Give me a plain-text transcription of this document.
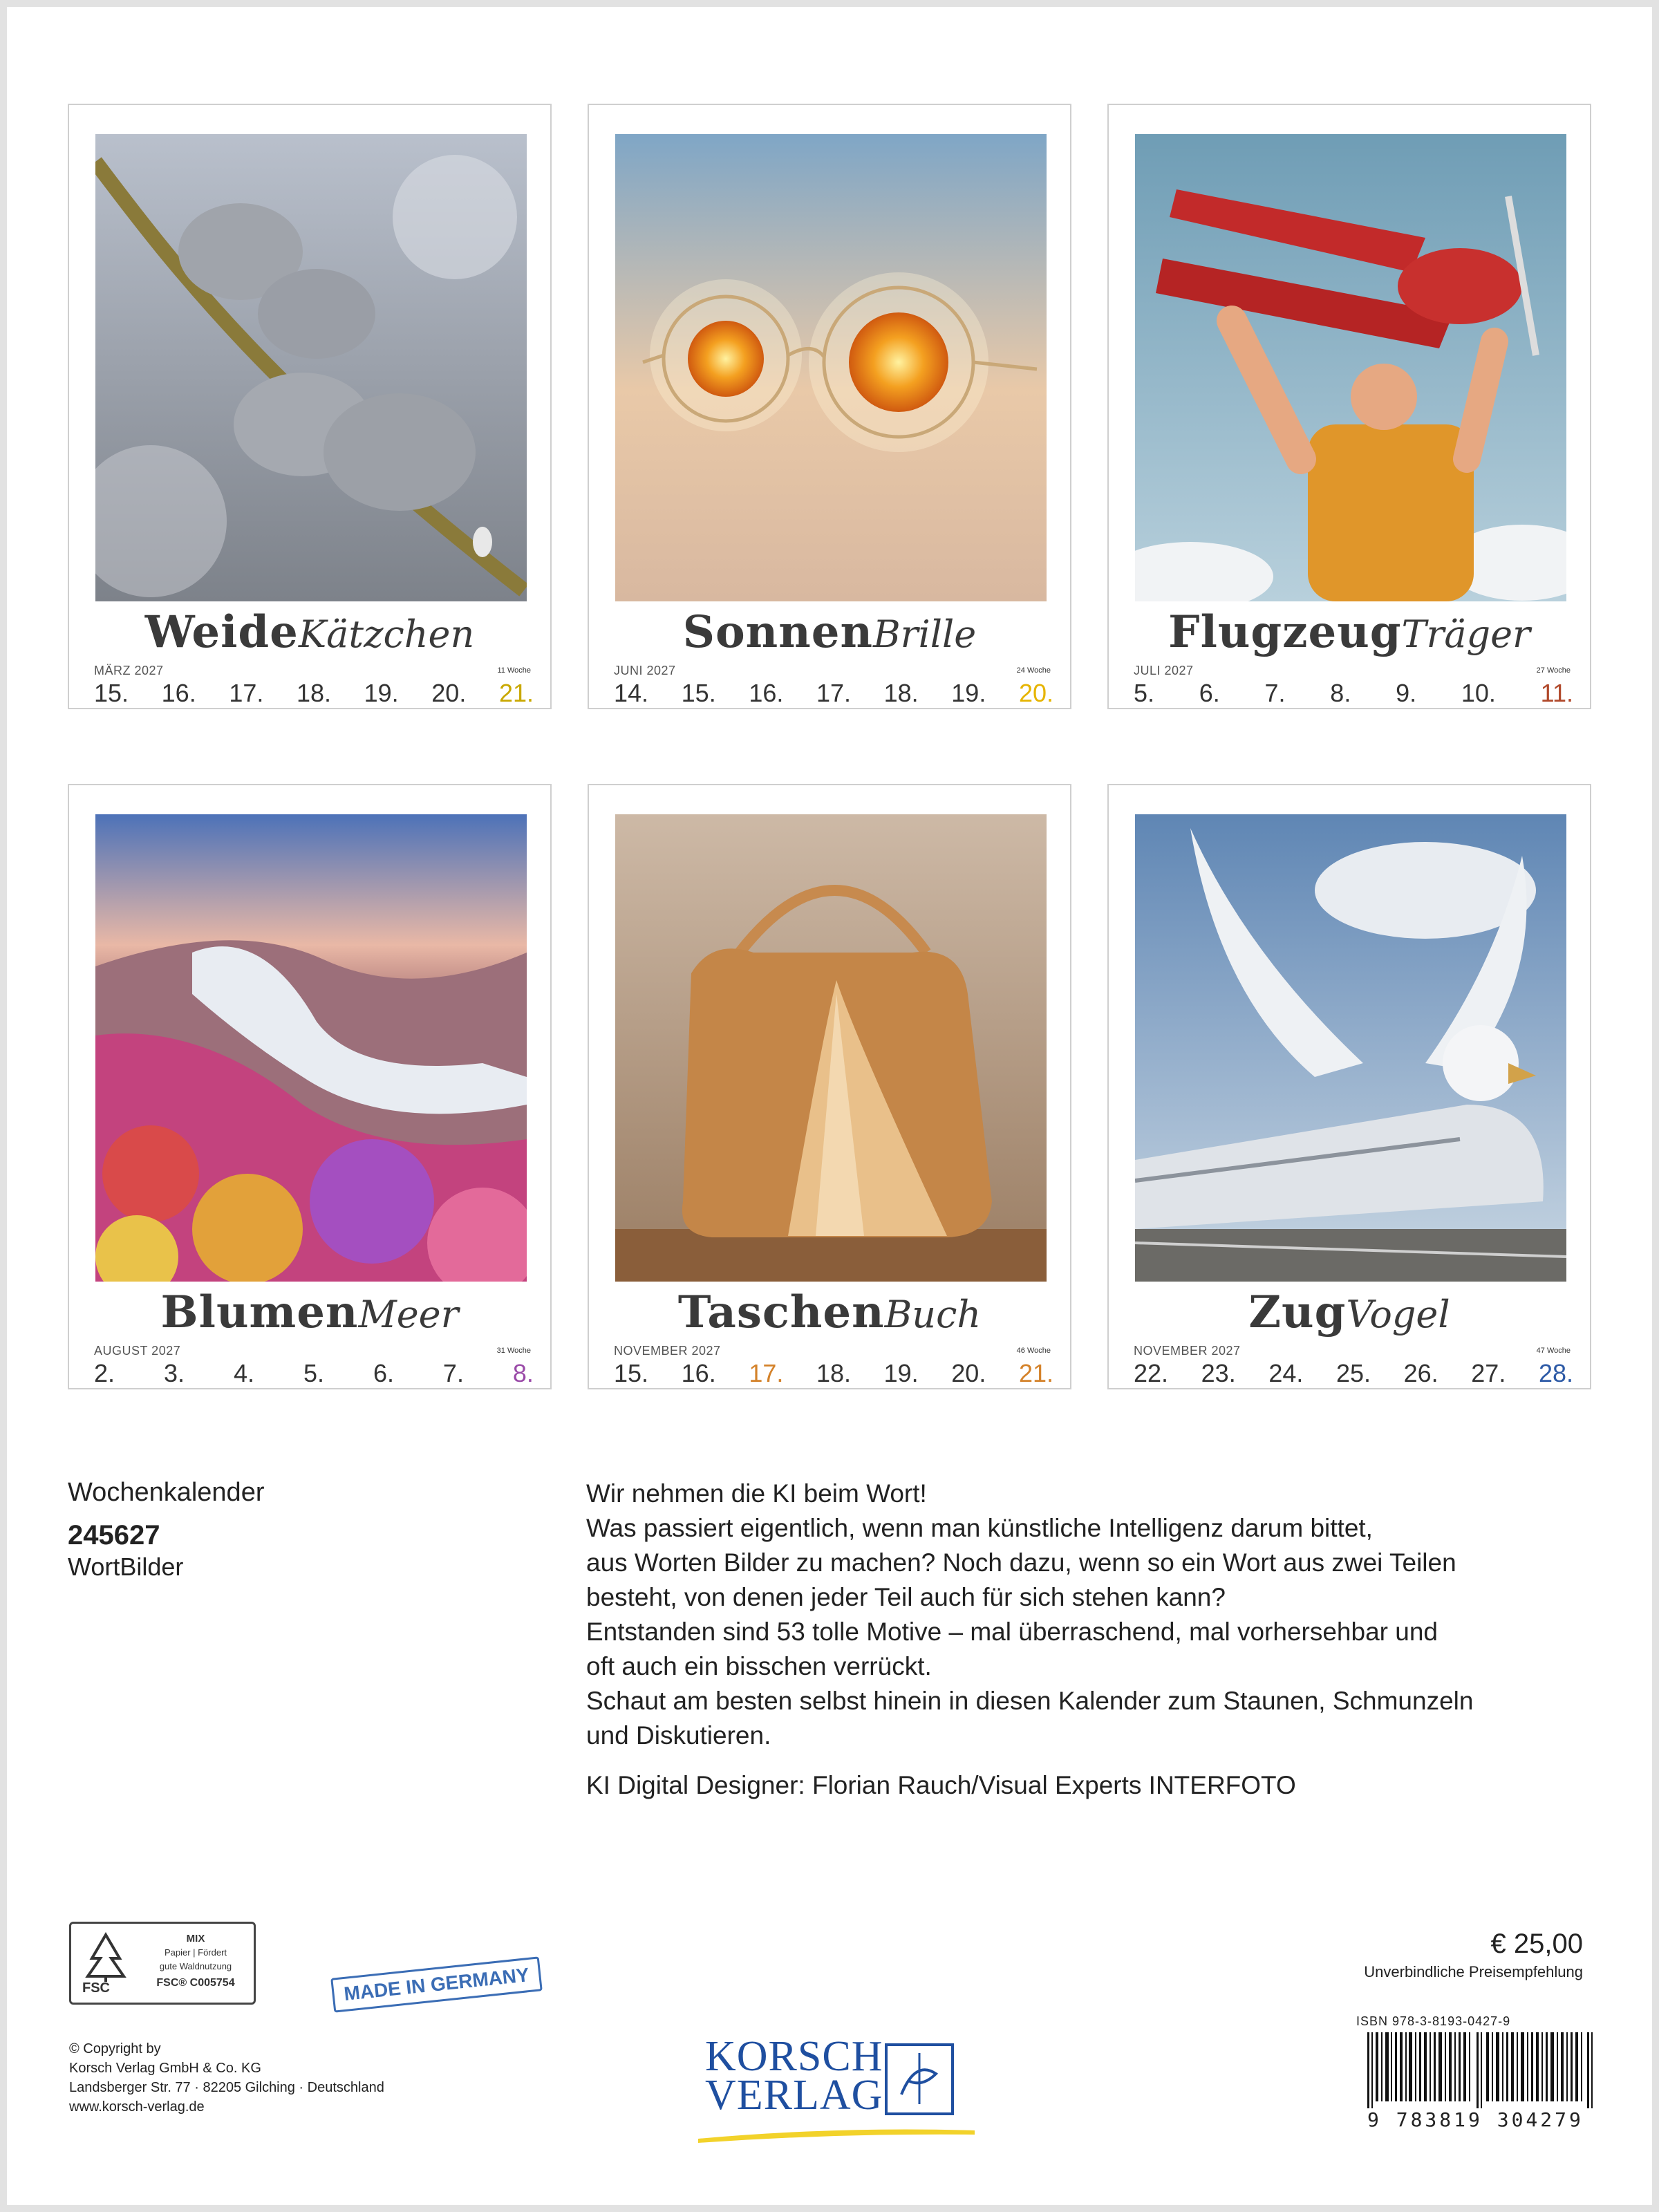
WeideKätzchen
MÄRZ 2027	11 Woche
15. 16. 17. 18. 19. 20. 21.
SonnenBrille
JUNI 2027	24 Woche
14. 15. 16. 17. 18. 19. 20.
FlugzeugTräger
JULI 2027	27 Woche
5. 6. 7. 8. 9. 10. 11.
BlumenMeer
AUGUST 2027	31 Woche
2. 3. 4. 5. 6. 7. 8.
TaschenBuch
NOVEMBER 2027	46 Woche
15. 16. 17. 18. 19. 20. 21.
ZugVogel
NOVEMBER 2027	47 Woche
22. 23. 24. 25. 26. 27. 28.
Wochenkalender
245627
WortBilder

Wir nehmen die KI beim Wort!

Was passiert eigentlich, wenn man künstliche Intelligenz darum bittet,

aus Worten Bilder zu machen? Noch dazu, wenn so ein Wort aus zwei Teilen

besteht, von denen jeder Teil auch für sich stehen kann?

Entstanden sind 53 tolle Motive – mal überraschend, mal vorhersehbar und

oft auch ein bisschen verrückt.

Schaut am besten selbst hinein in diesen Kalender zum Staunen, Schmunzeln

und Diskutieren.

KI Digital Designer: Florian Rauch/Visual Experts INTERFOTO

FSC
MIX
Papier | Fördert
gute Waldnutzung
FSC® C005754	MADE IN GERMANY
© Copyright by
Korsch Verlag GmbH & Co. KG
Landsberger Str. 77 · 82205 Gilching · Deutschland
www.korsch-verlag.de
KORSCH
VERLAG
€ 25,00
Unverbindliche Preisempfehlung
ISBN 978-3-8193-0427-9
9 783819 304279
